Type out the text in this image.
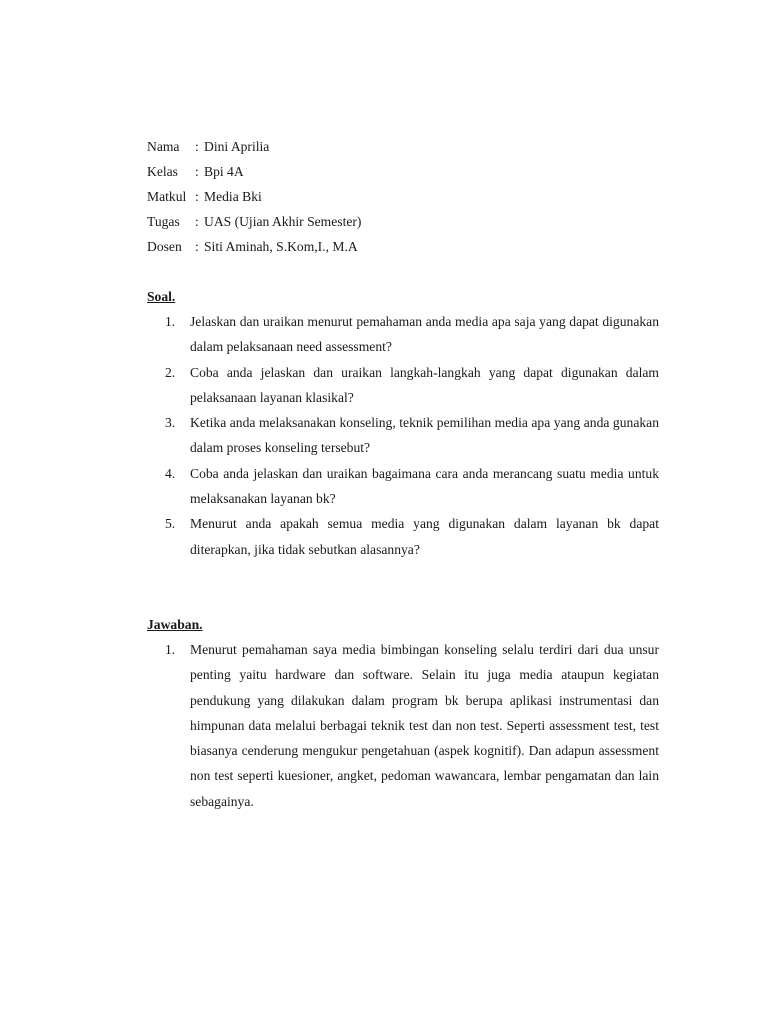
Nama	: Dini Aprilia
Kelas	: Bpi 4A
Matkul : Media Bki
Tugas	: UAS (Ujian Akhir Semester)
Dosen : Siti Aminah, S.Kom,I., M.A
Soal.
1.	Jelaskan dan uraikan menurut pemahaman anda media apa saja yang dapat digunakan dalam pelaksanaan need assessment?
2.	Coba anda jelaskan dan uraikan langkah-langkah yang dapat digunakan dalam pelaksanaan layanan klasikal?
3.	Ketika anda melaksanakan konseling, teknik pemilihan media apa yang anda gunakan dalam proses konseling tersebut?
4.	Coba anda jelaskan dan uraikan bagaimana cara anda merancang suatu media untuk melaksanakan layanan bk?
5.	Menurut anda apakah semua media yang digunakan dalam layanan bk dapat diterapkan, jika tidak sebutkan alasannya?
Jawaban.
1.	Menurut pemahaman saya media bimbingan konseling selalu terdiri dari dua unsur penting yaitu hardware dan software. Selain itu juga media ataupun kegiatan pendukung yang dilakukan dalam program bk berupa aplikasi instrumentasi dan himpunan data melalui berbagai teknik test dan non test. Seperti assessment test, test biasanya cenderung mengukur pengetahuan (aspek kognitif). Dan adapun assessment non test seperti kuesioner, angket, pedoman wawancara, lembar pengamatan dan lain sebagainya.
